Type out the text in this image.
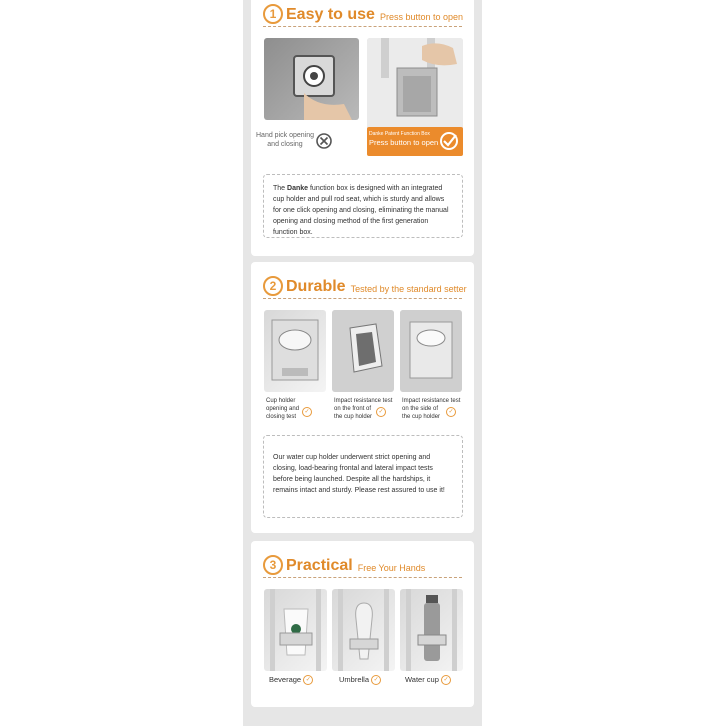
1 Easy to use Press button to open
Danke Patent Function Box
Press button to open
Hand pick opening
and closing
The Danke function box is designed with an integrated cup holder and pull rod seat, which is sturdy and allows for one click opening and closing, eliminating the manual opening and closing method of the first generation function box.
2 Durable Tested by the standard setter
Cup holder
opening and
closing test
✓
Impact resistance test
on the front of
the cup holder
✓
Impact resistance test
on the side of
the cup holder
✓
Our water cup holder underwent strict opening and closing, load-bearing frontal and lateral impact tests before being launched. Despite all the hardships, it remains intact and sturdy. Please rest assured to use it!
3 Practical Free Your Hands
Beverage ✓	Umbrella ✓	Water cup ✓
